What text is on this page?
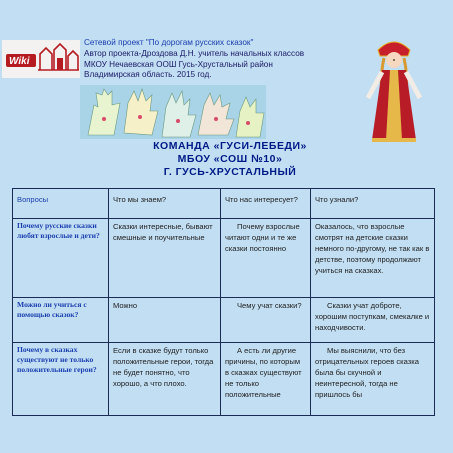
Wiki
Сетевой проект "По дорогам русских сказок"
Автор проекта-Дроздова Д.Н. учитель начальных классов
МКОУ Нечаевская ООШ Гусь-Хрустальный район
Владимирская область. 2015 год.
КОМАНДА «ГУСИ-ЛЕБЕДИ»
МБОУ «СОШ №10»
Г. ГУСЬ-ХРУСТАЛЬНЫЙ
Вопросы	Что мы знаем?	Что нас интересует?	Что узнали?
Почему русские сказки любят взрослые и дети?	Сказки интересные, бывают смешные и поучительные	Почему взрослые читают одни и те же сказки постоянно	Оказалось, что взрослые смотрят на детские сказки немного по-другому, не так как в детстве, поэтому продолжают учиться на сказках.
Можно ли учиться с помощью сказок?	Можно	Чему учат сказки?	Сказки учат доброте, хорошим поступкам, смекалке и находчивости.
Почему в сказках существуют не только положительные герои?	Если в сказке будут только положительные герои, тогда не будет понятно, что хорошо, а что плохо.	А есть ли другие причины, по которым в сказках существуют не только положительные	Мы выяснили, что без отрицательных героев сказка была бы скучной и неинтересной, тогда не пришлось бы
